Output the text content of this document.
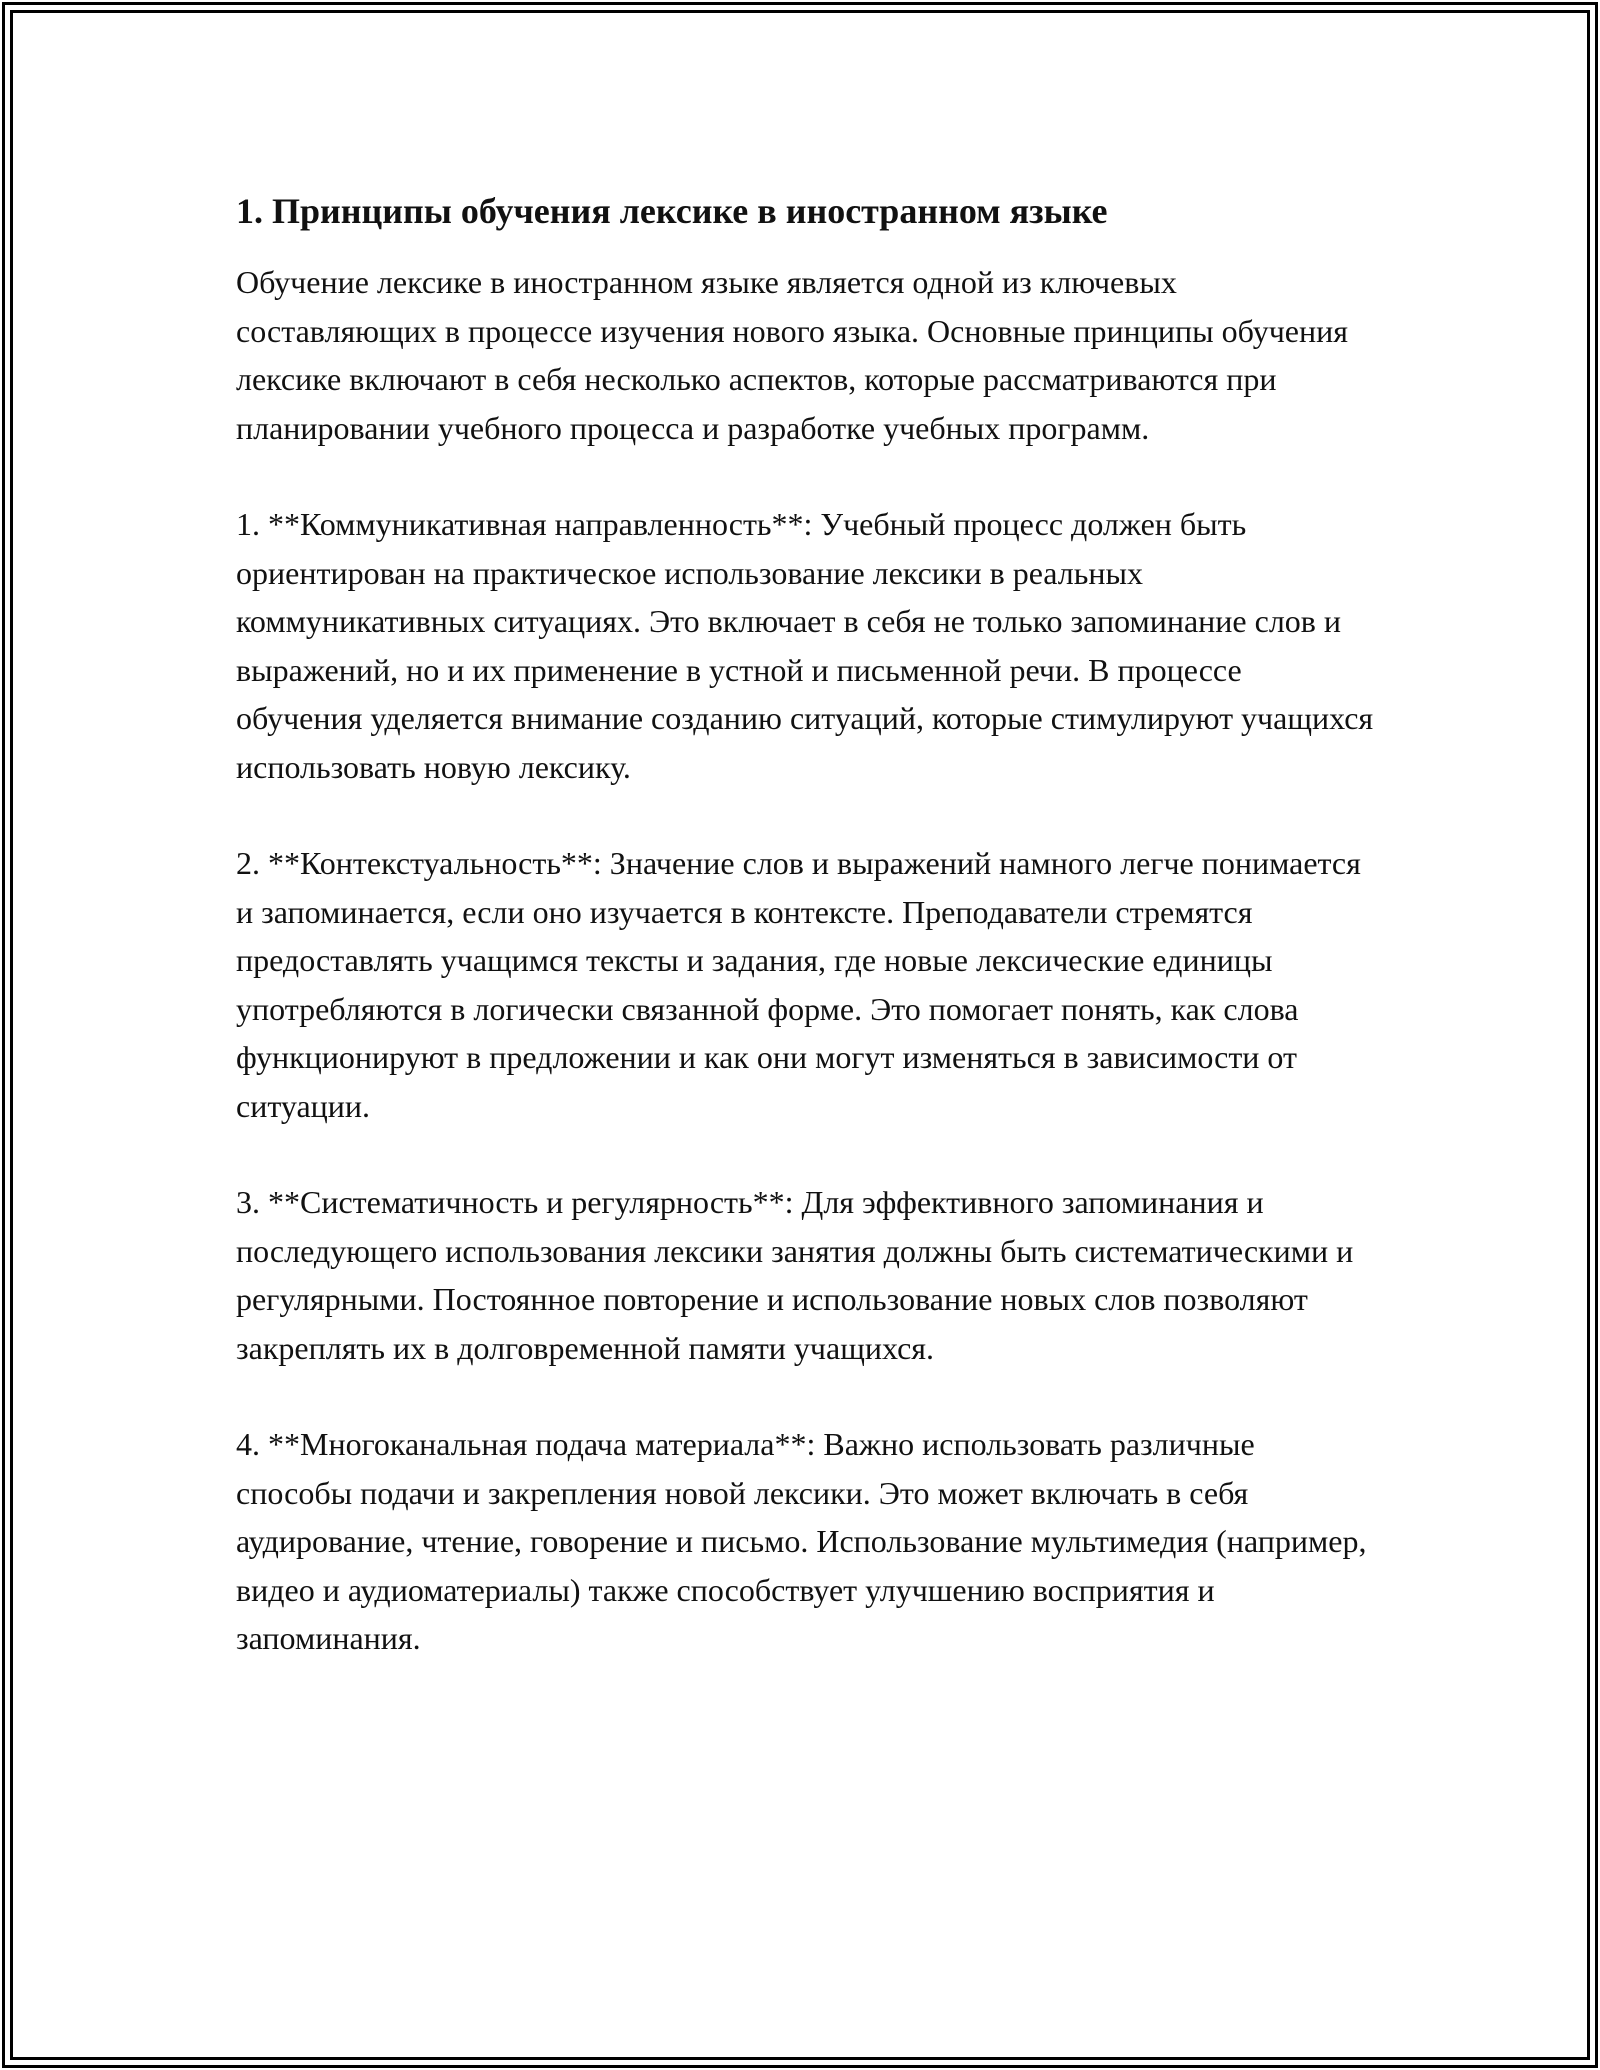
1. Принципы обучения лексике в иностранном языке

Обучение лексике в иностранном языке является одной из ключевых составляющих в процессе изучения нового языка. Основные принципы обучения лексике включают в себя несколько аспектов, которые рассматриваются при планировании учебного процесса и разработке учебных программ.

1. **Коммуникативная направленность**: Учебный процесс должен быть ориентирован на практическое использование лексики в реальных коммуникативных ситуациях. Это включает в себя не только запоминание слов и выражений, но и их применение в устной и письменной речи. В процессе обучения уделяется внимание созданию ситуаций, которые стимулируют учащихся использовать новую лексику.

2. **Контекстуальность**: Значение слов и выражений намного легче понимается и запоминается, если оно изучается в контексте. Преподаватели стремятся предоставлять учащимся тексты и задания, где новые лексические единицы употребляются в логически связанной форме. Это помогает понять, как слова функционируют в предложении и как они могут изменяться в зависимости от ситуации.

3. **Систематичность и регулярность**: Для эффективного запоминания и последующего использования лексики занятия должны быть систематическими и регулярными. Постоянное повторение и использование новых слов позволяют закреплять их в долговременной памяти учащихся.

4. **Многоканальная подача материала**: Важно использовать различные способы подачи и закрепления новой лексики. Это может включать в себя аудирование, чтение, говорение и письмо. Использование мультимедия (например, видео и аудиоматериалы) также способствует улучшению восприятия и запоминания.
